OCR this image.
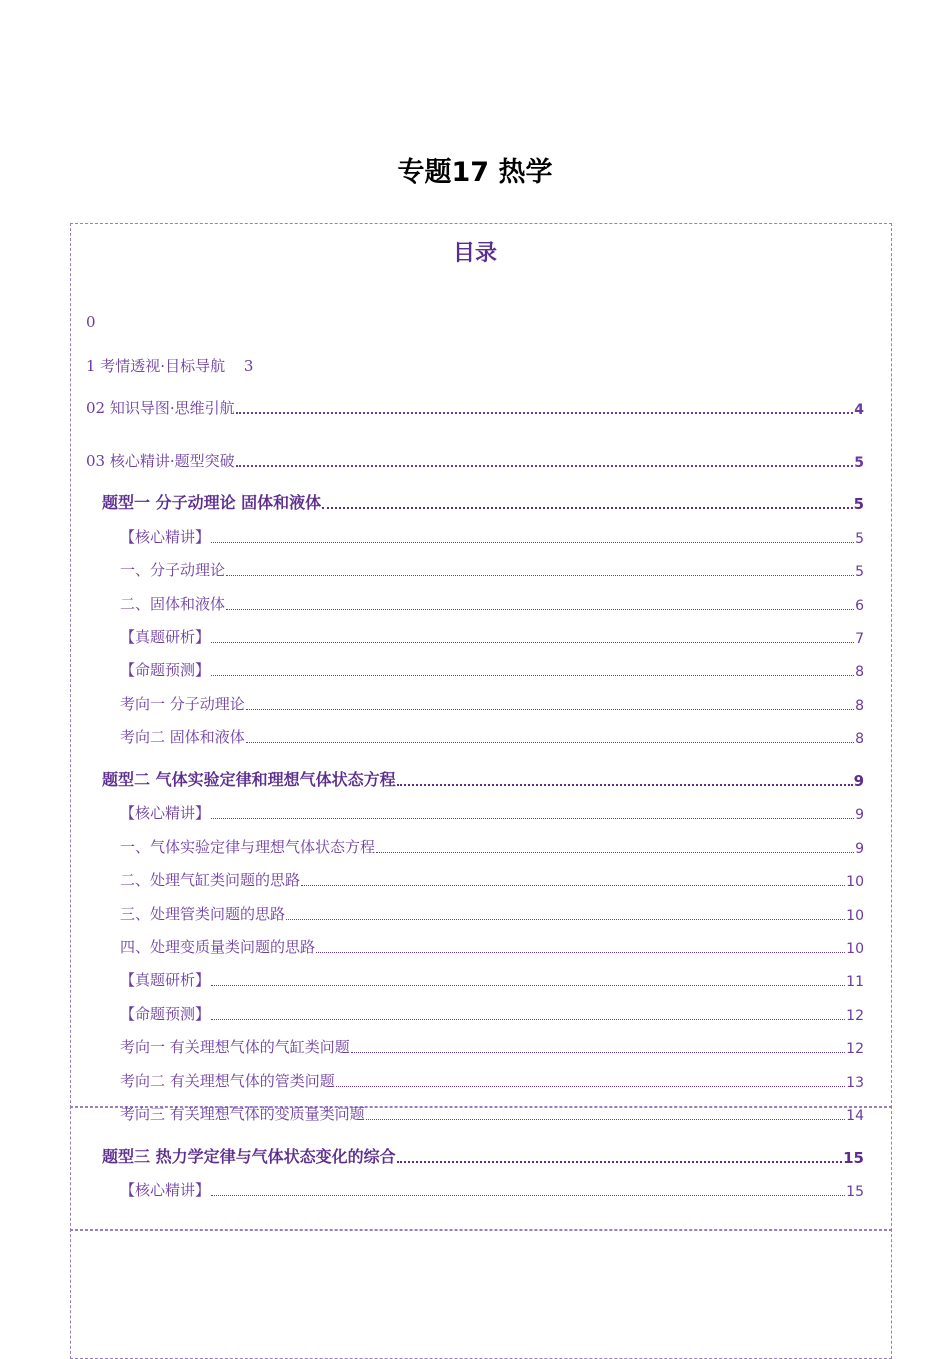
专题17 热学
目录
0
1 考情透视·目标导航 3
02 知识导图·思维引航	4
03 核心精讲·题型突破	5
题型一 分子动理论 固体和液体	5
【核心精讲】	5
一、分子动理论	5
二、固体和液体	6
【真题研析】	7
【命题预测】	8
考向一 分子动理论	8
考向二 固体和液体	8
题型二 气体实验定律和理想气体状态方程	9
【核心精讲】	9
一、气体实验定律与理想气体状态方程	9
二、处理气缸类问题的思路	10
三、处理管类问题的思路	10
四、处理变质量类问题的思路	10
【真题研析】	11
【命题预测】	12
考向一 有关理想气体的气缸类问题	12
考向二 有关理想气体的管类问题	13
考向三 有关理想气体的变质量类问题	14
题型三 热力学定律与气体状态变化的综合	15
【核心精讲】	15
